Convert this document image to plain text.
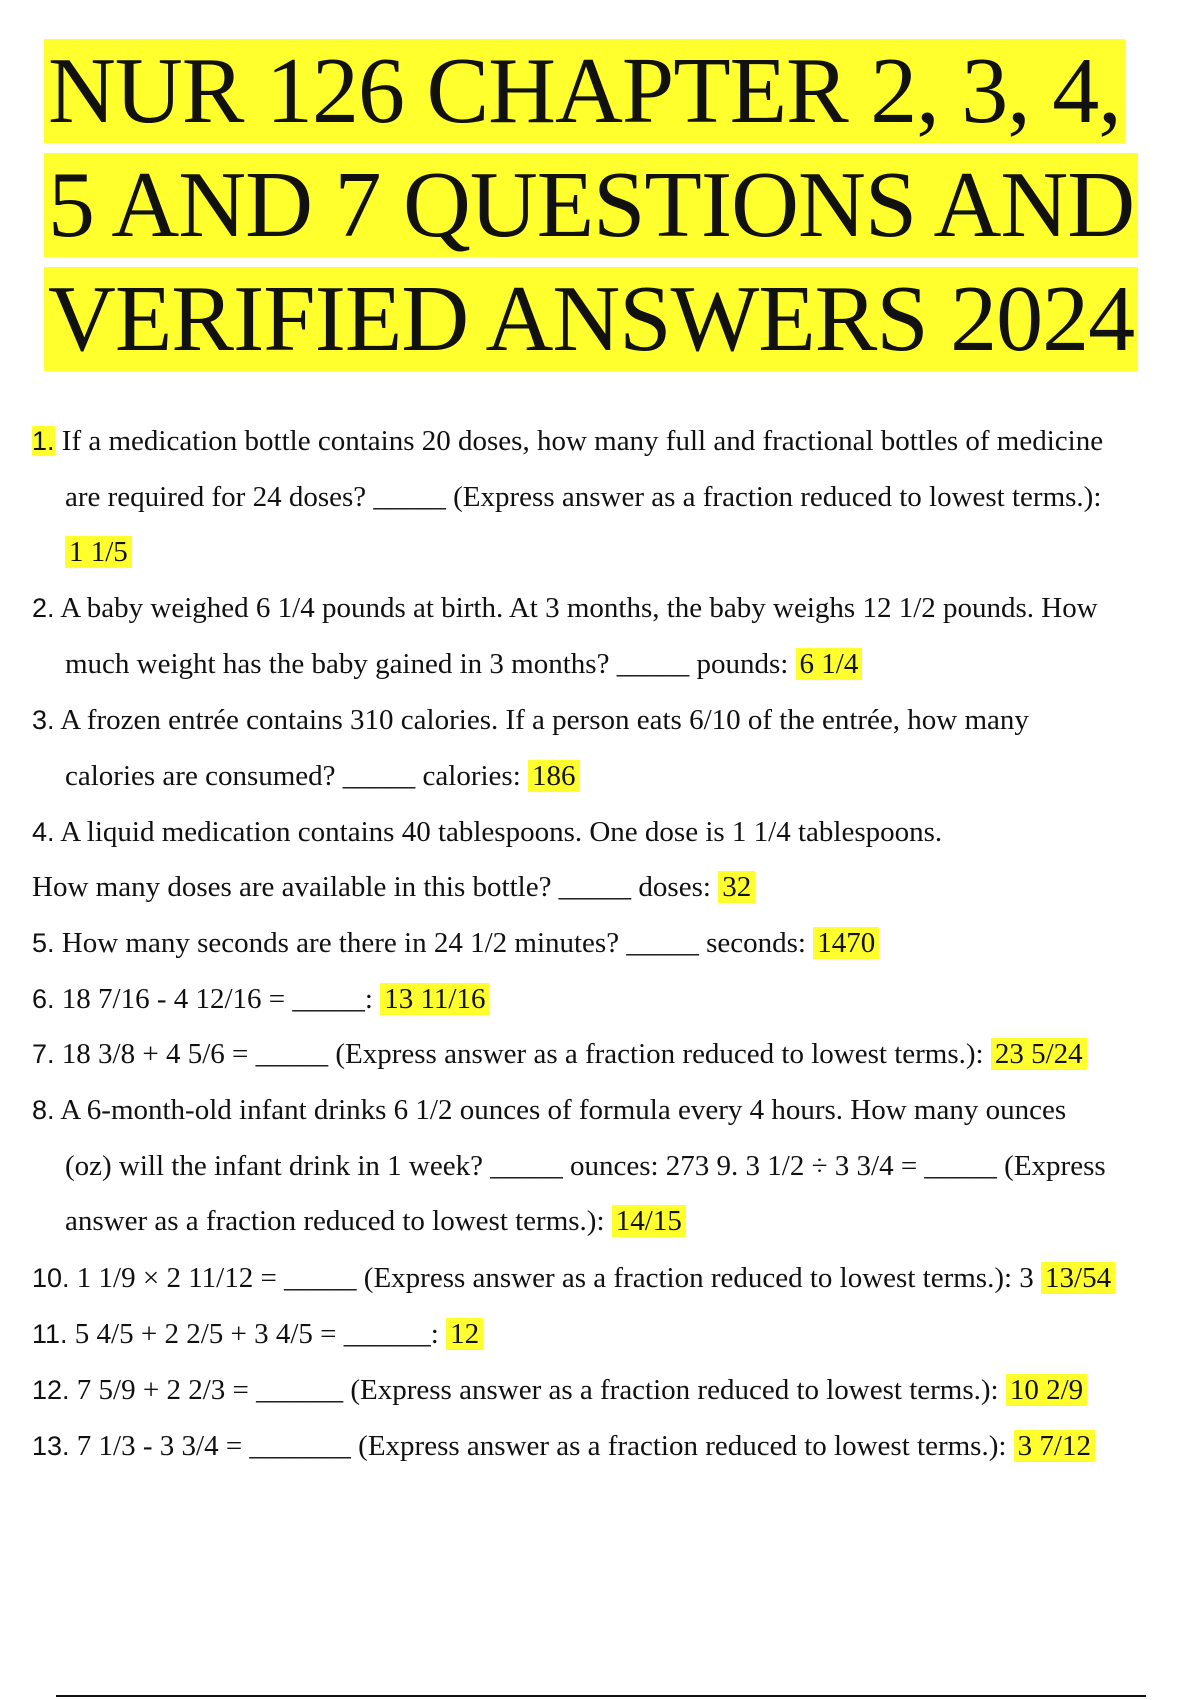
NUR 126 CHAPTER 2, 3, 4,
5 AND 7 QUESTIONS AND
VERIFIED ANSWERS 2024
1. If a medication bottle contains 20 doses, how many full and fractional bottles of medicine
are required for 24 doses? _____ (Express answer as a fraction reduced to lowest terms.):
1 1/5
2. A baby weighed 6 1/4 pounds at birth. At 3 months, the baby weighs 12 1/2 pounds. How
much weight has the baby gained in 3 months? _____ pounds: 6 1/4
3. A frozen entrée contains 310 calories. If a person eats 6/10 of the entrée, how many
calories are consumed? _____ calories: 186
4. A liquid medication contains 40 tablespoons. One dose is 1 1/4 tablespoons.
How many doses are available in this bottle? _____ doses: 32
5. How many seconds are there in 24 1/2 minutes? _____ seconds: 1470
6. 18 7/16 - 4 12/16 = _____: 13 11/16
7. 18 3/8 + 4 5/6 = _____ (Express answer as a fraction reduced to lowest terms.): 23 5/24
8. A 6-month-old infant drinks 6 1/2 ounces of formula every 4 hours. How many ounces
(oz) will the infant drink in 1 week? _____ ounces: 273 9. 3 1/2 ÷ 3 3/4 = _____ (Express
answer as a fraction reduced to lowest terms.): 14/15
10. 1 1/9 × 2 11/12 = _____ (Express answer as a fraction reduced to lowest terms.): 3 13/54
11. 5 4/5 + 2 2/5 + 3 4/5 = ______: 12
12. 7 5/9 + 2 2/3 = ______ (Express answer as a fraction reduced to lowest terms.): 10 2/9
13. 7 1/3 - 3 3/4 = _______ (Express answer as a fraction reduced to lowest terms.): 3 7/12
